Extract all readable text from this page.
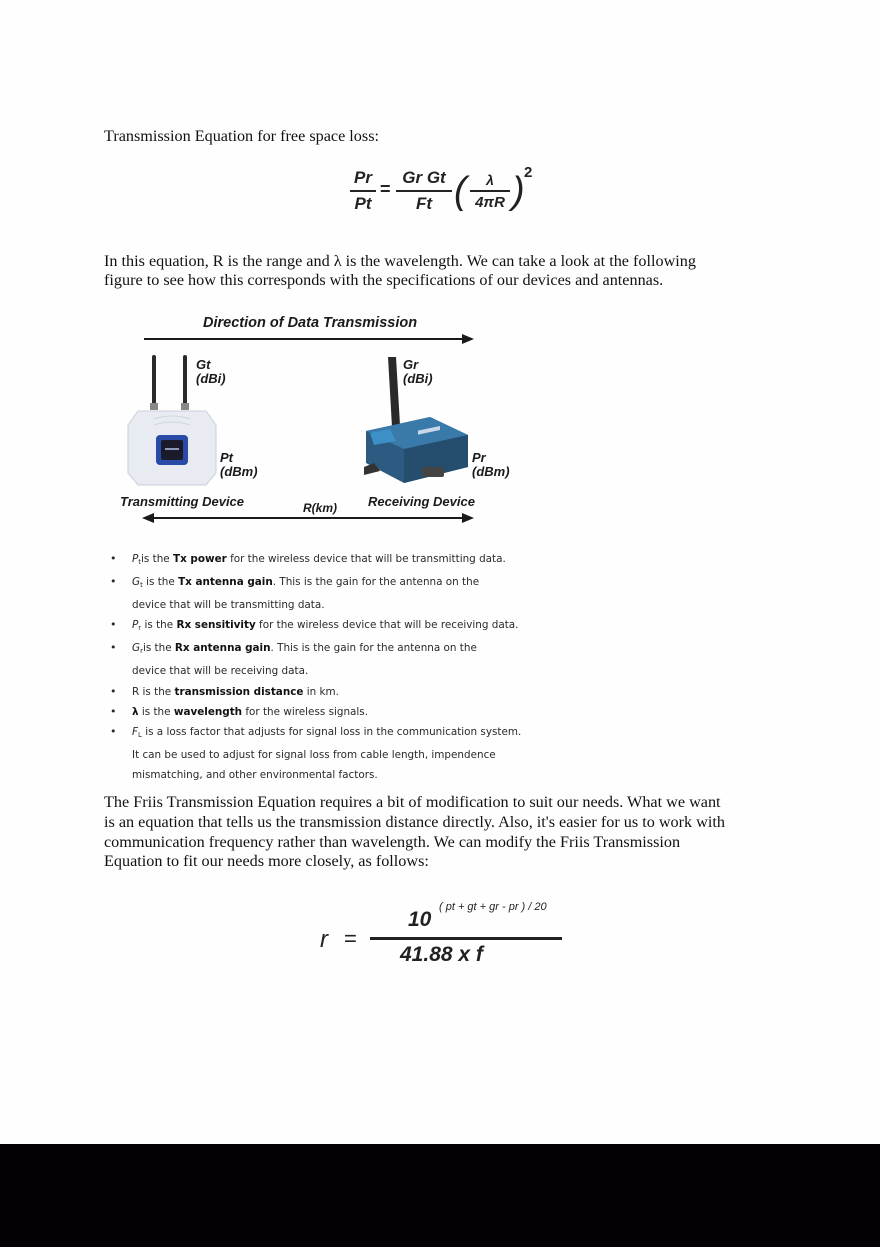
Transmission Equation for free space loss:
Pr
Pt
=
Gr Gt
Ft (	λ
4πR ) 2
In this equation, R is the range and λ is the wavelength. We can take a look at the following
figure to see how this corresponds with the specifications of our devices and antennas.
Direction of Data Transmission
Gt
(dBi)
Pt
(dBm)
Gr
(dBi)
Pr
(dBm)
Transmitting Device	Receiving Device
R(km)
• $P_tis$ the Tx power for the wireless device that will be transmitting data.
• $G_t$ is the Tx antenna gain. This is the gain for the antenna on the
device that will be transmitting data.
• $P_r$ is the Rx sensitivity for the wireless device that will be receiving data.
• $G_ris$ the Rx antenna gain. This is the gain for the antenna on the
device that will be receiving data.
• R is the transmission distance in km.
• λ is the wavelength for the wireless signals.
• $F_L$ is a loss factor that adjusts for signal loss in the communication system.
It can be used to adjust for signal loss from cable length, impendence
mismatching, and other environmental factors.
The Friis Transmission Equation requires a bit of modification to suit our needs. What we want
is an equation that tells us the transmission distance directly. Also, it's easier for us to work with
communication frequency rather than wavelength. We can modify the Friis Transmission
Equation to fit our needs more closely, as follows:
r =
10
( pt + gt + gr - pr ) / 20
41.88 x f
